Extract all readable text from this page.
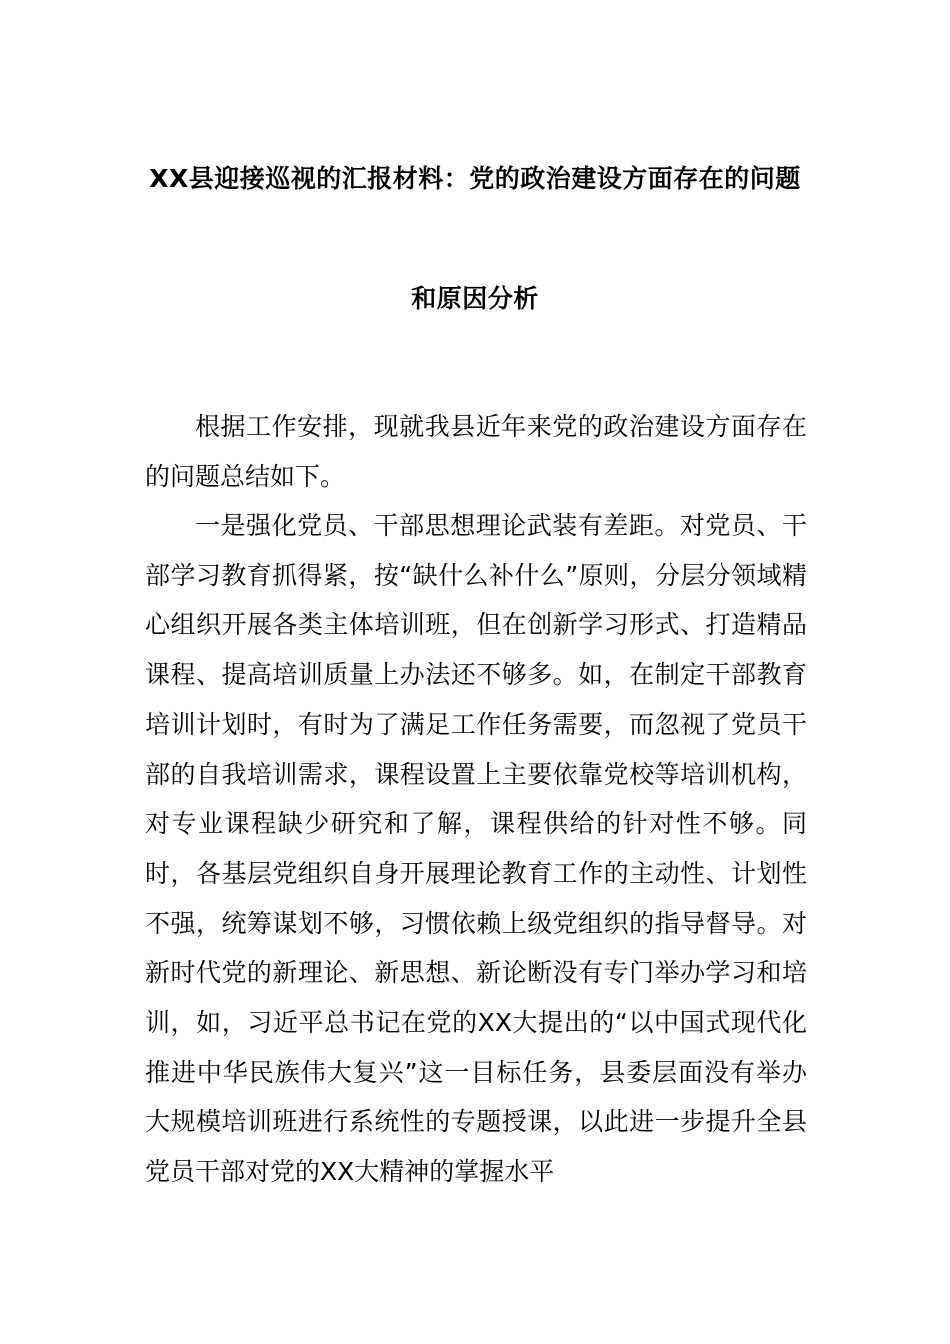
XX县迎接巡视的汇报材料：党的政治建设方面存在的问题
和原因分析

根据工作安排，现就我县近年来党的政治建设方面存在的问题总结如下。

一是强化党员、干部思想理论武装有差距。对党员、干部学习教育抓得紧，按“缺什么补什么”原则，分层分领域精心组织开展各类主体培训班，但在创新学习形式、打造精品课程、提高培训质量上办法还不够多。如，在制定干部教育培训计划时，有时为了满足工作任务需要，而忽视了党员干部的自我培训需求，课程设置上主要依靠党校等培训机构，对专业课程缺少研究和了解，课程供给的针对性不够。同时，各基层党组织自身开展理论教育工作的主动性、计划性不强，统筹谋划不够，习惯依赖上级党组织的指导督导。对新时代党的新理论、新思想、新论断没有专门举办学习和培训，如，习近平总书记在党的XX大提出的“以中国式现代化推进中华民族伟大复兴”这一目标任务，县委层面没有举办大规模培训班进行系统性的专题授课，以此进一步提升全县党员干部对党的XX大精神的掌握水平
